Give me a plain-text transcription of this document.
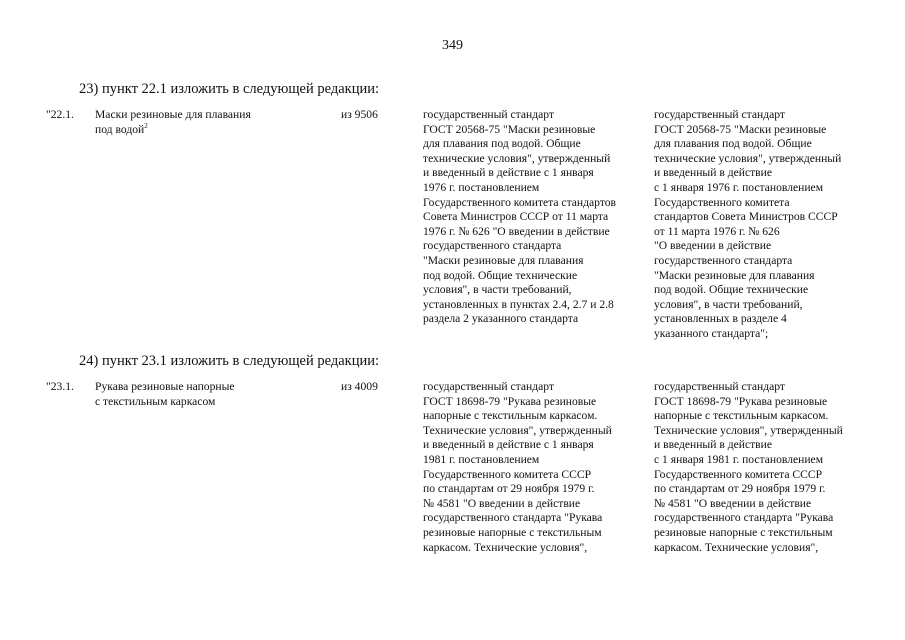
349
23) пункт 22.1 изложить в следующей редакции:
"22.1. Маски резиновые для плавания
под водой$^2$
из 9506	государственный стандарт
ГОСТ 20568-75 "Маски резиновые
для плавания под водой. Общие
технические условия", утвержденный
и введенный в действие с 1 января
1976 г. постановлением
Государственного комитета стандартов
Совета Министров СССР от 11 марта
1976 г. № 626 "О введении в действие
государственного стандарта
"Маски резиновые для плавания
под водой. Общие технические
условия", в части требований,
установленных в пунктах 2.4, 2.7 и 2.8
раздела 2 указанного стандарта
государственный стандарт
ГОСТ 20568-75 "Маски резиновые
для плавания под водой. Общие
технические условия", утвержденный
и введенный в действие
с 1 января 1976 г. постановлением
Государственного комитета
стандартов Совета Министров СССР
от 11 марта 1976 г. № 626
"О введении в действие
государственного стандарта
"Маски резиновые для плавания
под водой. Общие технические
условия", в части требований,
установленных в разделе 4
указанного стандарта";
24) пункт 23.1 изложить в следующей редакции:
"23.1. Рукава резиновые напорные
с текстильным каркасом
из 4009	государственный стандарт
ГОСТ 18698-79 "Рукава резиновые
напорные с текстильным каркасом.
Технические условия", утвержденный
и введенный в действие с 1 января
1981 г. постановлением
Государственного комитета СССР
по стандартам от 29 ноября 1979 г.
№ 4581 "О введении в действие
государственного стандарта "Рукава
резиновые напорные с текстильным
каркасом. Технические условия",
государственный стандарт
ГОСТ 18698-79 "Рукава резиновые
напорные с текстильным каркасом.
Технические условия", утвержденный
и введенный в действие
с 1 января 1981 г. постановлением
Государственного комитета СССР
по стандартам от 29 ноября 1979 г.
№ 4581 "О введении в действие
государственного стандарта "Рукава
резиновые напорные с текстильным
каркасом. Технические условия",
